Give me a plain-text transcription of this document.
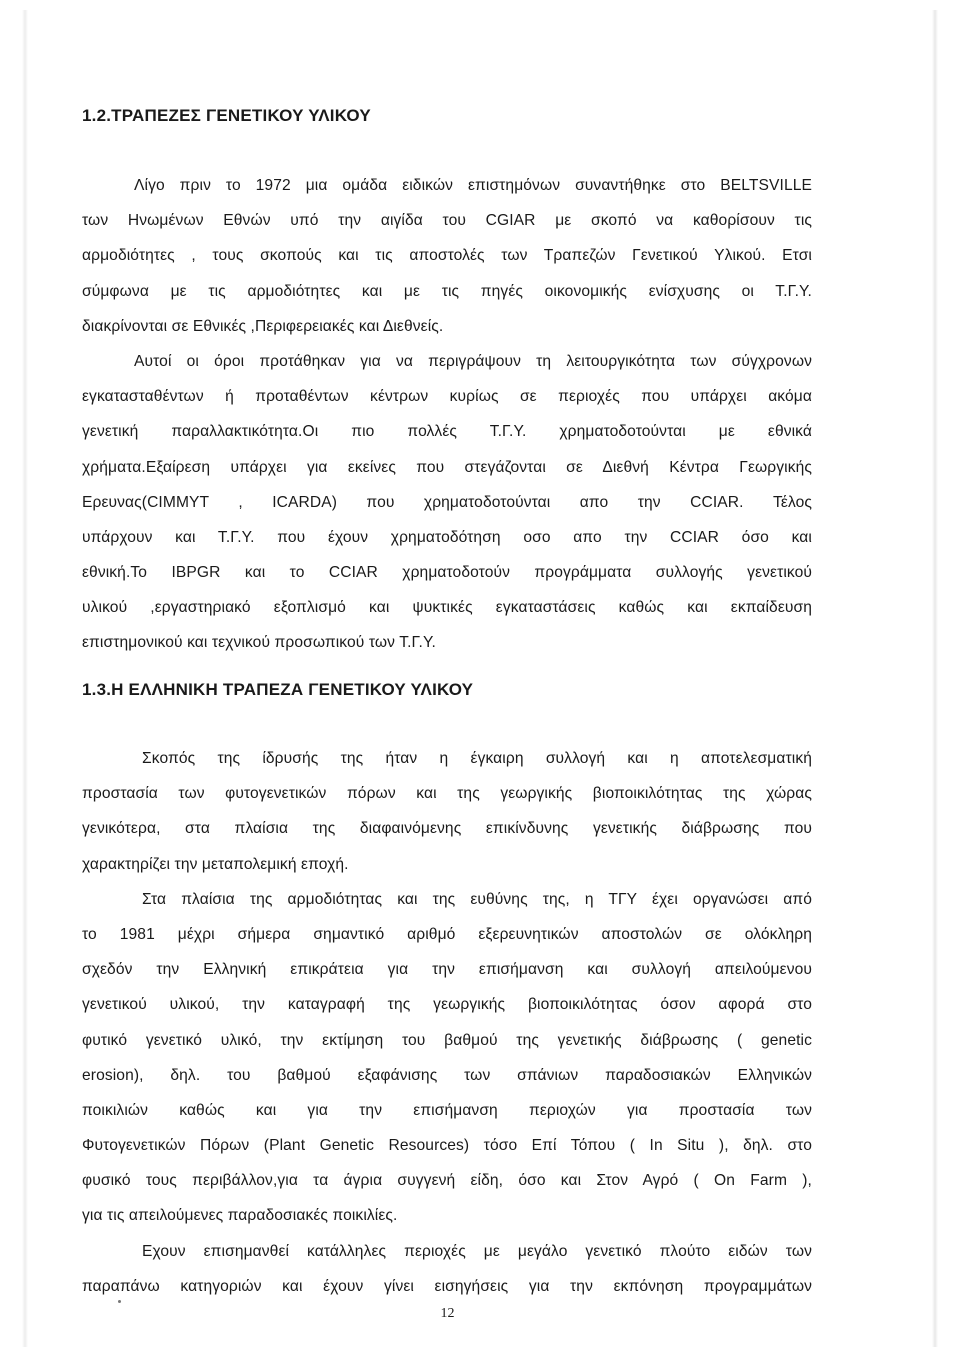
1.2.ΤΡΑΠΕΖΕΣ ΓΕΝΕΤΙΚΟΥ ΥΛΙΚΟΥ
Λίγο πριν το 1972 μια ομάδα ειδικών επιστημόνων συναντήθηκε στο BELTSVILLE
των Ηνωμένων Εθνών υπό την αιγίδα του CGIAR με σκοπό να καθορίσουν τις
αρμοδιότητες , τους σκοπούς και τις αποστολές των Τραπεζών Γενετικού Υλικού. Ετσι
σύμφωνα με τις αρμοδιότητες και με τις πηγές οικονομικής ενίσχυσης οι Τ.Γ.Υ.
διακρίνονται σε Εθνικές ,Περιφερειακές και Διεθνείς.
Αυτοί οι όροι προτάθηκαν για να περιγράψουν τη λειτουργικότητα των σύγχρονων
εγκατασταθέντων ή προταθέντων κέντρων κυρίως σε περιοχές που υπάρχει ακόμα
γενετική παραλλακτικότητα.Οι πιο πολλές Τ.Γ.Υ. χρηματοδοτούνται με εθνικά
χρήματα.Εξαίρεση υπάρχει για εκείνες που στεγάζονται σε Διεθνή Κέντρα Γεωργικής
Ερευνας(CIMMYT , ICARDA) που χρηματοδοτούνται απο την CCIAR. Τέλος
υπάρχουν και Τ.Γ.Υ. που έχουν χρηματοδότηση οσο απο την CCIAR όσο και
εθνική.Το IBPGR και το CCIAR χρηματοδοτούν προγράμματα συλλογής γενετικού
υλικού ,εργαστηριακό εξοπλισμό και ψυκτικές εγκαταστάσεις καθώς και εκπαίδευση
επιστημονικού και τεχνικού προσωπικού των Τ.Γ.Υ.
1.3.Η ΕΛΛΗΝΙΚΗ ΤΡΑΠΕΖΑ ΓΕΝΕΤΙΚΟΥ ΥΛΙΚΟΥ
Σκοπός της ίδρυσής της ήταν η έγκαιρη συλλογή και η αποτελεσματική
προστασία των φυτογενετικών πόρων και της γεωργικής βιοποικιλότητας της χώρας
γενικότερα, στα πλαίσια της διαφαινόμενης επικίνδυνης γενετικής διάβρωσης που
χαρακτηρίζει την μεταπολεμική εποχή.
Στα πλαίσια της αρμοδιότητας και της ευθύνης της, η ΤΓΥ έχει οργανώσει από
το 1981 μέχρι σήμερα σημαντικό αριθμό εξερευνητικών αποστολών σε ολόκληρη
σχεδόν την Ελληνική επικράτεια για την επισήμανση και συλλογή απειλούμενου
γενετικού υλικού, την καταγραφή της γεωργικής βιοποικιλότητας όσον αφορά στο
φυτικό γενετικό υλικό, την εκτίμηση του βαθμού της γενετικής διάβρωσης ( genetic
erosion), δηλ. του βαθμού εξαφάνισης των σπάνιων παραδοσιακών Ελληνικών
ποικιλιών καθώς και για την επισήμανση περιοχών για προστασία των
Φυτογενετικών Πόρων (Plant Genetic Resources) τόσο Επί Τόπου ( In Situ ), δηλ. στο
φυσικό τους περιβάλλον,για τα άγρια συγγενή είδη, όσο και Στον Αγρό ( On Farm ),
για τις απειλούμενες παραδοσιακές ποικιλίες.
Εχουν επισημανθεί κατάλληλες περιοχές με μεγάλο γενετικό πλούτο ειδών των
παραπάνω κατηγοριών και έχουν γίνει εισηγήσεις για την εκπόνηση προγραμμάτων
12
